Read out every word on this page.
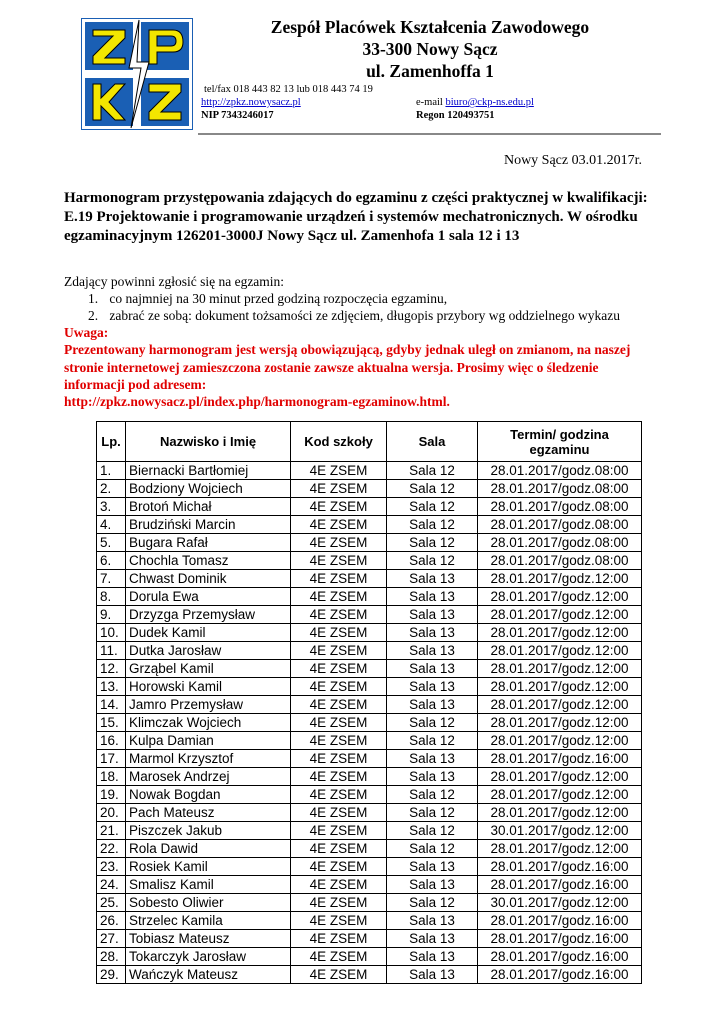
Zespół Placówek Kształcenia Zawodowego
33-300 Nowy Sącz
ul. Zamenhoffa 1
tel/fax 018 443 82 13 lub 018 443 74 19
http://zpkz.nowysacz.pl	e-mail biuro@ckp-ns.edu.pl
NIP 7343246017	Regon 120493751
Nowy Sącz 03.01.2017r.
Harmonogram przystępowania zdających do egzaminu z części praktycznej w kwalifikacji: E.19 Projektowanie i programowanie urządzeń i systemów mechatronicznych. W ośrodku egzaminacyjnym 126201-3000J Nowy Sącz ul. Zamenhofa 1 sala 12 i 13
Zdający powinni zgłosić się na egzamin:
1. co najmniej na 30 minut przed godziną rozpoczęcia egzaminu,
2. zabrać ze sobą: dokument tożsamości ze zdjęciem, długopis przybory wg oddzielnego wykazu
Uwaga:
Prezentowany harmonogram jest wersją obowiązującą, gdyby jednak uległ on zmianom, na naszej stronie internetowej zamieszczona zostanie zawsze aktualna wersja. Prosimy więc o śledzenie informacji pod adresem:
http://zpkz.nowysacz.pl/index.php/harmonogram-egzaminow.html.
Lp.	Nazwisko i Imię	Kod szkoły	Sala	Termin/ godzina egzaminu
1.	Biernacki Bartłomiej	4E ZSEM	Sala 12	28.01.2017/godz.08:00
2.	Bodziony Wojciech	4E ZSEM	Sala 12	28.01.2017/godz.08:00
3.	Brotoń Michał	4E ZSEM	Sala 12	28.01.2017/godz.08:00
4.	Brudziński Marcin	4E ZSEM	Sala 12	28.01.2017/godz.08:00
5.	Bugara Rafał	4E ZSEM	Sala 12	28.01.2017/godz.08:00
6.	Chochla Tomasz	4E ZSEM	Sala 12	28.01.2017/godz.08:00
7.	Chwast Dominik	4E ZSEM	Sala 13	28.01.2017/godz.12:00
8.	Dorula Ewa	4E ZSEM	Sala 13	28.01.2017/godz.12:00
9.	Drzyzga Przemysław	4E ZSEM	Sala 13	28.01.2017/godz.12:00
10.	Dudek Kamil	4E ZSEM	Sala 13	28.01.2017/godz.12:00
11.	Dutka Jarosław	4E ZSEM	Sala 13	28.01.2017/godz.12:00
12.	Grząbel Kamil	4E ZSEM	Sala 13	28.01.2017/godz.12:00
13.	Horowski Kamil	4E ZSEM	Sala 13	28.01.2017/godz.12:00
14.	Jamro Przemysław	4E ZSEM	Sala 13	28.01.2017/godz.12:00
15.	Klimczak Wojciech	4E ZSEM	Sala 12	28.01.2017/godz.12:00
16.	Kulpa Damian	4E ZSEM	Sala 12	28.01.2017/godz.12:00
17.	Marmol Krzysztof	4E ZSEM	Sala 13	28.01.2017/godz.16:00
18.	Marosek Andrzej	4E ZSEM	Sala 13	28.01.2017/godz.12:00
19.	Nowak Bogdan	4E ZSEM	Sala 12	28.01.2017/godz.12:00
20.	Pach Mateusz	4E ZSEM	Sala 12	28.01.2017/godz.12:00
21.	Piszczek Jakub	4E ZSEM	Sala 12	30.01.2017/godz.12:00
22.	Rola Dawid	4E ZSEM	Sala 12	28.01.2017/godz.12:00
23.	Rosiek Kamil	4E ZSEM	Sala 13	28.01.2017/godz.16:00
24.	Smalisz Kamil	4E ZSEM	Sala 13	28.01.2017/godz.16:00
25.	Sobesto Oliwier	4E ZSEM	Sala 12	30.01.2017/godz.12:00
26.	Strzelec Kamila	4E ZSEM	Sala 13	28.01.2017/godz.16:00
27.	Tobiasz Mateusz	4E ZSEM	Sala 13	28.01.2017/godz.16:00
28.	Tokarczyk Jarosław	4E ZSEM	Sala 13	28.01.2017/godz.16:00
29.	Wańczyk Mateusz	4E ZSEM	Sala 13	28.01.2017/godz.16:00
